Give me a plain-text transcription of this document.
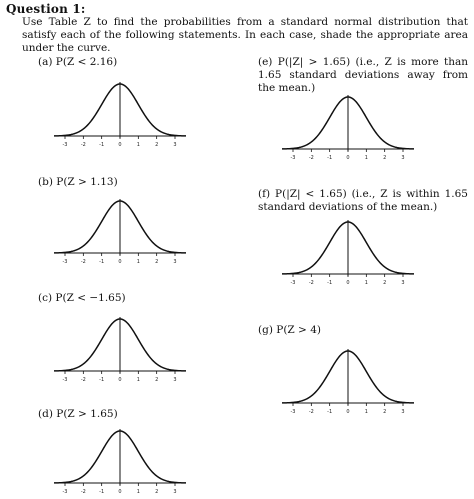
Question 1:
Use Table Z to find the probabilities from a standard normal distribution that satisfy each of the following statements. In each case, shade the appropriate area under the curve.
(a) P(Z < 2.16)
-3	-2	-1	0	1	2	3
(b) P(Z > 1.13)
-3	-2	-1	0	1	2	3
(c) P(Z < −1.65)
-3	-2	-1	0	1	2	3
(d) P(Z > 1.65)
-3	-2	-1	0	1	2	3
(e) P(|Z| > 1.65) (i.e., Z is more than 1.65 standard deviations away from the mean.)
-3	-2	-1	0	1	2	3
(f) P(|Z| < 1.65) (i.e., Z is within 1.65 standard deviations of the mean.)
-3	-2	-1	0	1	2	3
(g) P(Z > 4)
-3	-2	-1	0	1	2	3
